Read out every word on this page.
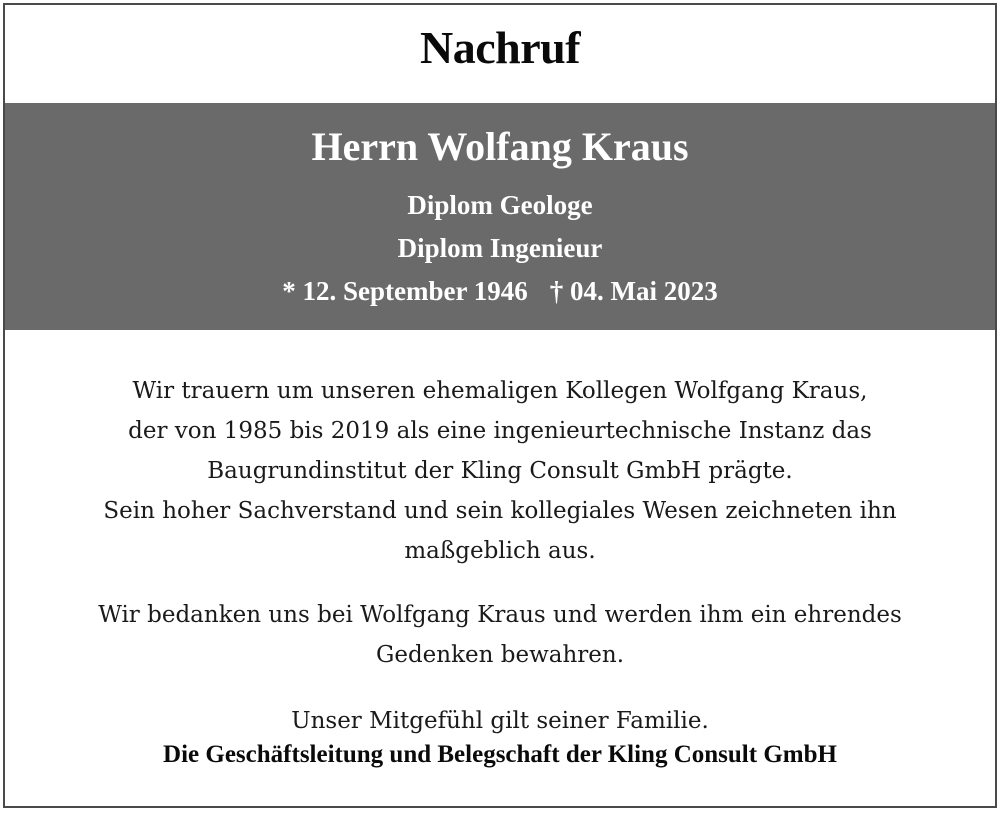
Nachruf
Herrn Wolfang Kraus
Diplom Geologe
Diplom Ingenieur
* 12. September 1946 † 04. Mai 2023
Wir trauern um unseren ehemaligen Kollegen Wolfgang Kraus,
der von 1985 bis 2019 als eine ingenieurtechnische Instanz das
Baugrundinstitut der Kling Consult GmbH prägte.
Sein hoher Sachverstand und sein kollegiales Wesen zeichneten ihn
maßgeblich aus.
Wir bedanken uns bei Wolfgang Kraus und werden ihm ein ehrendes
Gedenken bewahren.
Unser Mitgefühl gilt seiner Familie.
Die Geschäftsleitung und Belegschaft der Kling Consult GmbH
